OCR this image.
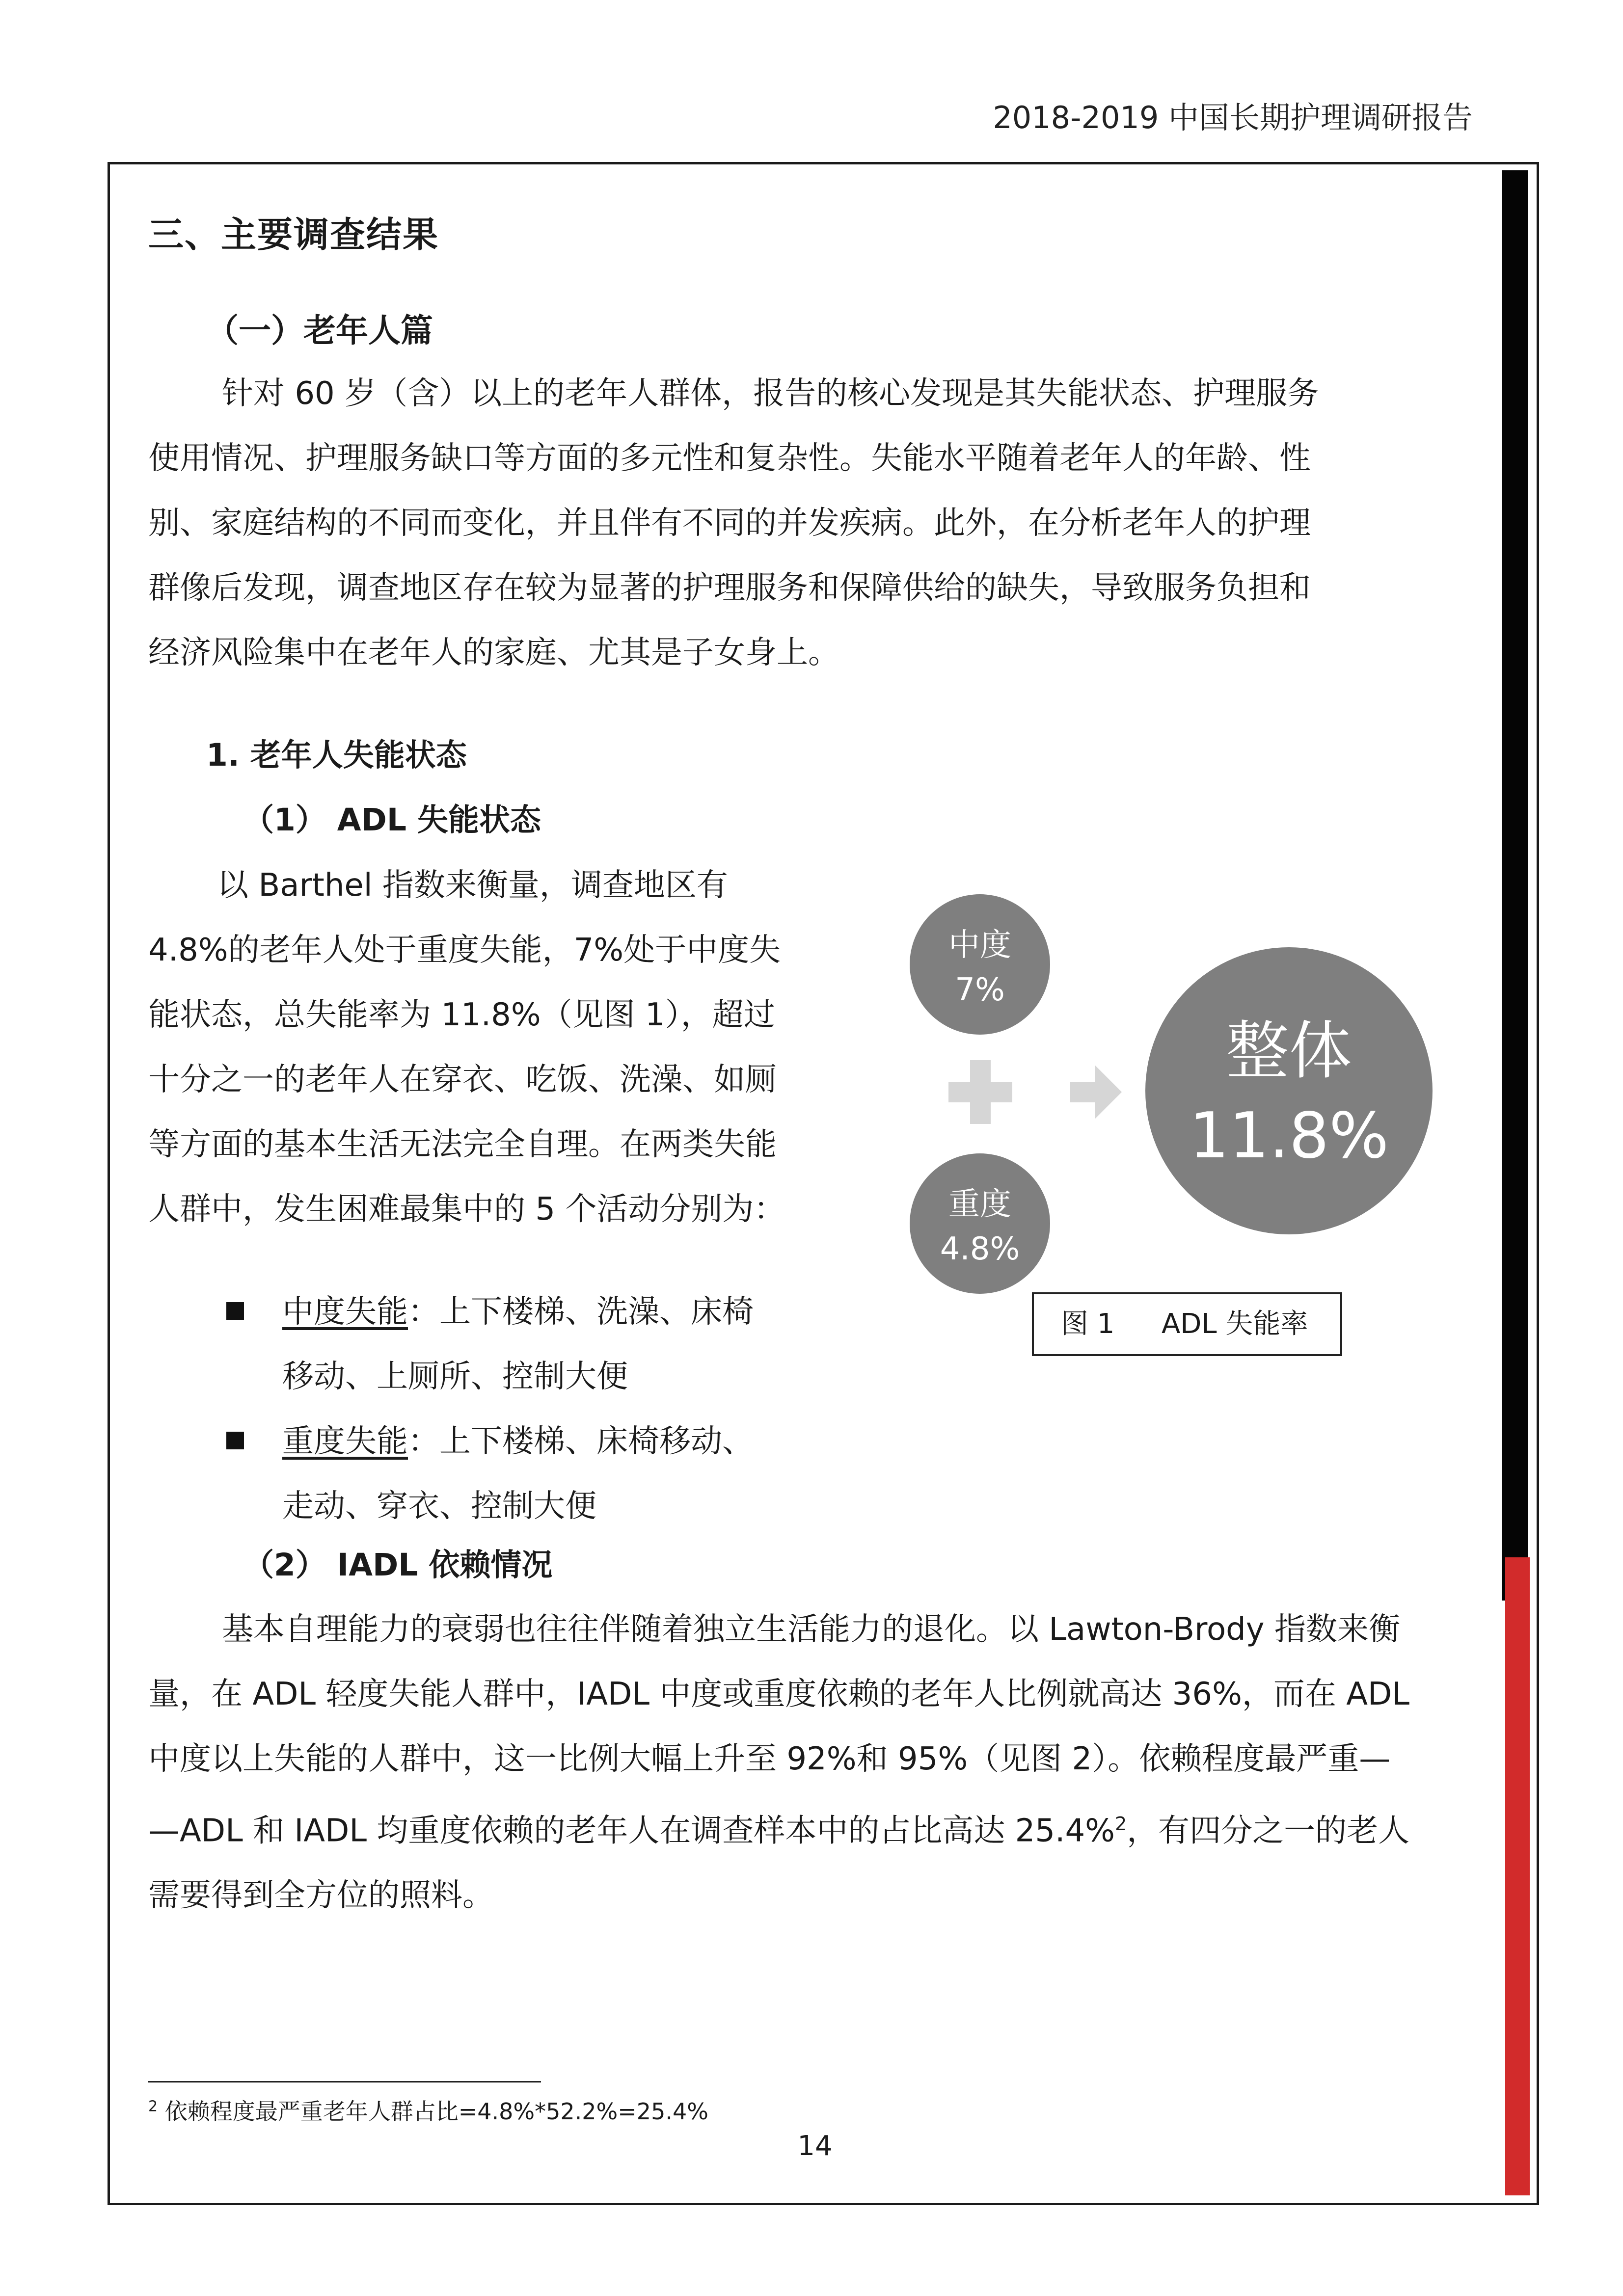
2018-2019 中国长期护理调研报告
三、主要调查结果
（一）老年人篇

针对 60 岁（含）以上的老年人群体，报告的核心发现是其失能状态、护理服务

使用情况、护理服务缺口等方面的多元性和复杂性。失能水平随着老年人的年龄、性

别、家庭结构的不同而变化，并且伴有不同的并发疾病。此外，在分析老年人的护理

群像后发现，调查地区存在较为显著的护理服务和保障供给的缺失，导致服务负担和

经济风险集中在老年人的家庭、尤其是子女身上。

1. 老年人失能状态
（1） ADL 失能状态

以 Barthel 指数来衡量，调查地区有

4.8%的老年人处于重度失能，7%处于中度失

能状态，总失能率为 11.8%（见图 1），超过

十分之一的老年人在穿衣、吃饭、洗澡、如厕

等方面的基本生活无法完全自理。在两类失能

人群中，发生困难最集中的 5 个活动分别为：

中度失能：上下楼梯、洗澡、床椅

移动、上厕所、控制大便

重度失能：上下楼梯、床椅移动、

走动、穿衣、控制大便

（2） IADL 依赖情况

基本自理能力的衰弱也往往伴随着独立生活能力的退化。以 Lawton-Brody 指数来衡

量，在 ADL 轻度失能人群中，IADL 中度或重度依赖的老年人比例就高达 36%，而在 ADL

中度以上失能的人群中，这一比例大幅上升至 92%和 95%（见图 2）。依赖程度最严重—

—ADL 和 IADL 均重度依赖的老年人在调查样本中的占比高达 25.4%$^2$，有四分之一的老人

需要得到全方位的照料。

中度
7%
重度
4.8%
整体
11.8%
图 1 ADL 失能率
$^2$ 依赖程度最严重老年人群占比=4.8%*52.2%=25.4%
14
